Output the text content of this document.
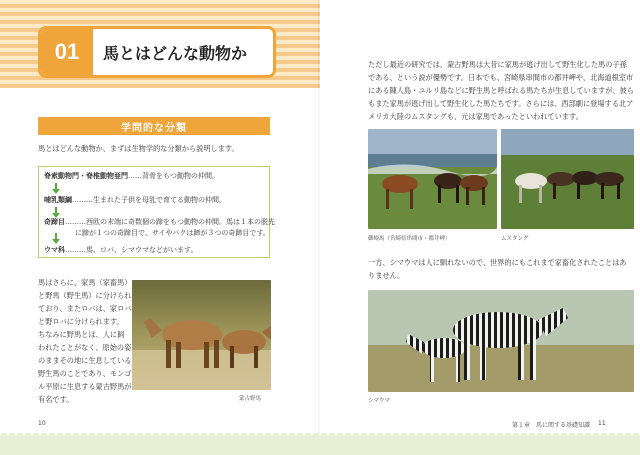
01	馬とはどんな動物か
学問的な分類
馬とはどんな動物か、まずは生物学的な分類から説明します。
脊索動物門・脊椎動物亜門……背骨をもつ動物の仲間。
哺乳類綱………生まれた子供を母乳で育てる動物の仲間。
奇蹄目………西欧の末端に奇数個の蹄をもつ動物の仲間。馬は１本の脱先
に蹄が１つの奇蹄目で、サイやバクは蹄が３つの奇蹄目です。
ウマ科………馬、ロバ、シマウマなどがいます。
馬はさらに、家馬（家畜馬）
と野馬（野生馬）に分けられ
ており、またロバは、家ロバ
と野ロバに分けられます。
ちなみに野馬とは、人に飼
われたことがなく、原始の姿
のままその地に生息している
野生馬のことであり、モンゴ
ル平原に生息する蒙古野馬が
有名です。	蒙古野馬
10
ただし最近の研究では、蒙古野馬は大昔に家馬が逃げ出して野生化した馬の子孫
である、という説が優勢です。日本でも、宮崎県串間市の都井岬や、北海道根室市
にある陳人島・ユルリ島などに野生馬と呼ばれる馬たちが生息していますが、彼ら
もまた家馬が逃げ出して野生化した馬たちです。さらには、西部劇に登場する北ア
メリカ大陸のムスタングも、元は家馬であったといわれています。
御崎馬（宮崎県串間市・都井岬）	ムスタング
一方、シマウマは人に馴れないので、世界的にもこれまで家畜化されたことはあ
りません。
シマウマ
第１章　馬に関する基礎知識 11
